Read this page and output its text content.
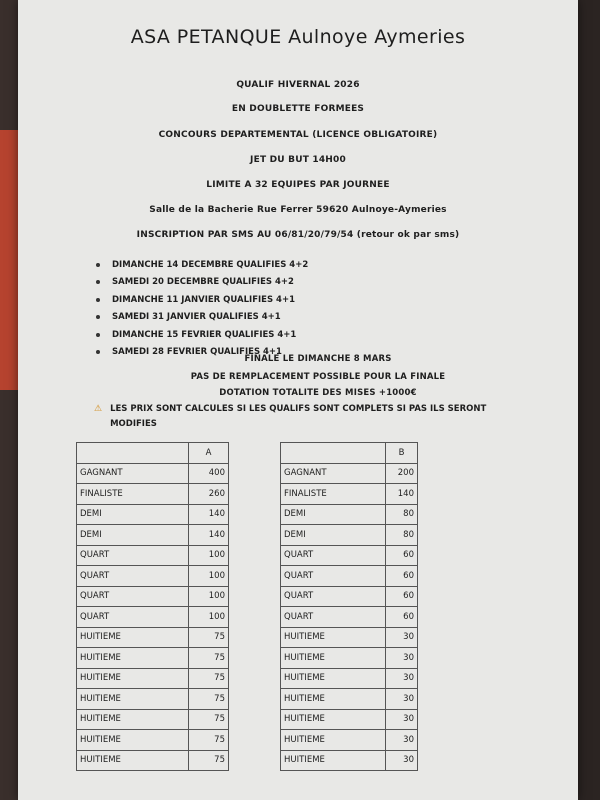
ASA PETANQUE Aulnoye Aymeries
QUALIF HIVERNAL 2026
EN DOUBLETTE FORMEES
CONCOURS DEPARTEMENTAL (LICENCE OBLIGATOIRE)
JET DU BUT 14H00
LIMITE A 32 EQUIPES PAR JOURNEE
Salle de la Bacherie Rue Ferrer 59620 Aulnoye-Aymeries
INSCRIPTION PAR SMS AU 06/81/20/79/54 (retour ok par sms)
DIMANCHE 14 DECEMBRE QUALIFIES 4+2
SAMEDI 20 DECEMBRE QUALIFIES 4+2
DIMANCHE 11 JANVIER QUALIFIES 4+1
SAMEDI 31 JANVIER QUALIFIES 4+1
DIMANCHE 15 FEVRIER QUALIFIES 4+1
SAMEDI 28 FEVRIER QUALIFIES 4+1
FINALE LE DIMANCHE 8 MARS
PAS DE REMPLACEMENT POSSIBLE POUR LA FINALE
DOTATION TOTALITE DES MISES +1000€
⚠ LES PRIX SONT CALCULES SI LES QUALIFS SONT COMPLETS SI PAS ILS SERONT MODIFIES
	A
GAGNANT	400
FINALISTE	260
DEMI	140
DEMI	140
QUART	100
QUART	100
QUART	100
QUART	100
HUITIEME	75
HUITIEME	75
HUITIEME	75
HUITIEME	75
HUITIEME	75
HUITIEME	75
HUITIEME	75
	B
GAGNANT	200
FINALISTE	140
DEMI	80
DEMI	80
QUART	60
QUART	60
QUART	60
QUART	60
HUITIEME	30
HUITIEME	30
HUITIEME	30
HUITIEME	30
HUITIEME	30
HUITIEME	30
HUITIEME	30
